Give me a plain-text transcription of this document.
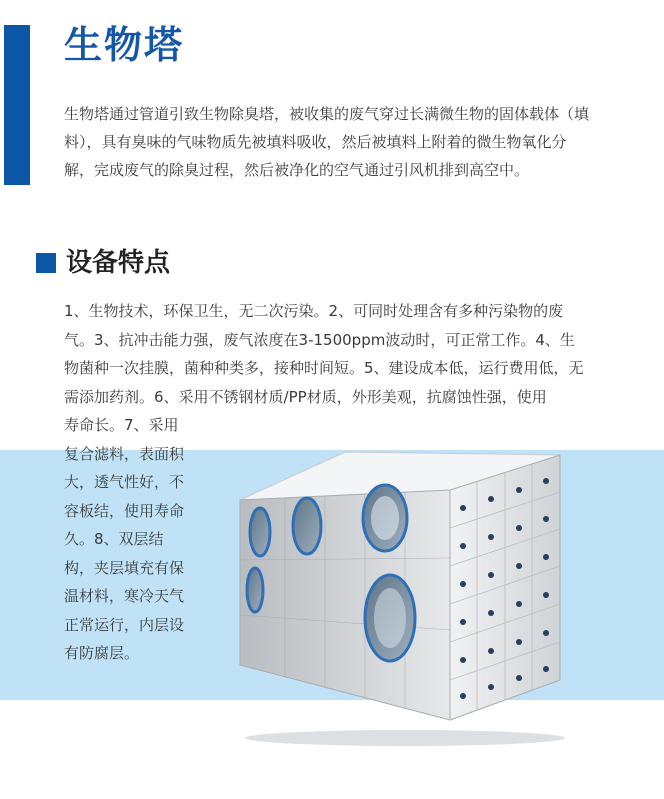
生物塔

生物塔通过管道引致生物除臭塔，被收集的废气穿过长满微生物的固体载体（填料），具有臭味的气味物质先被填料吸收，然后被填料上附着的微生物氧化分解，完成废气的除臭过程，然后被净化的空气通过引风机排到高空中。

设备特点

1、生物技术，环保卫生，无二次污染。2、可同时处理含有多种污染物的废气。3、抗冲击能力强，废气浓度在3-1500ppm波动时，可正常工作。4、生物菌种一次挂膜，菌种种类多，接种时间短。5、建设成本低，运行费用低，无需添加药剂。6、采用不锈钢材质/PP材质，外形美观，抗腐蚀性强，使用

寿命长。7、采用复合滤料，表面积大，透气性好，不容板结，使用寿命久。8、双层结构，夹层填充有保温材料，寒冷天气正常运行，内层设有防腐层。
